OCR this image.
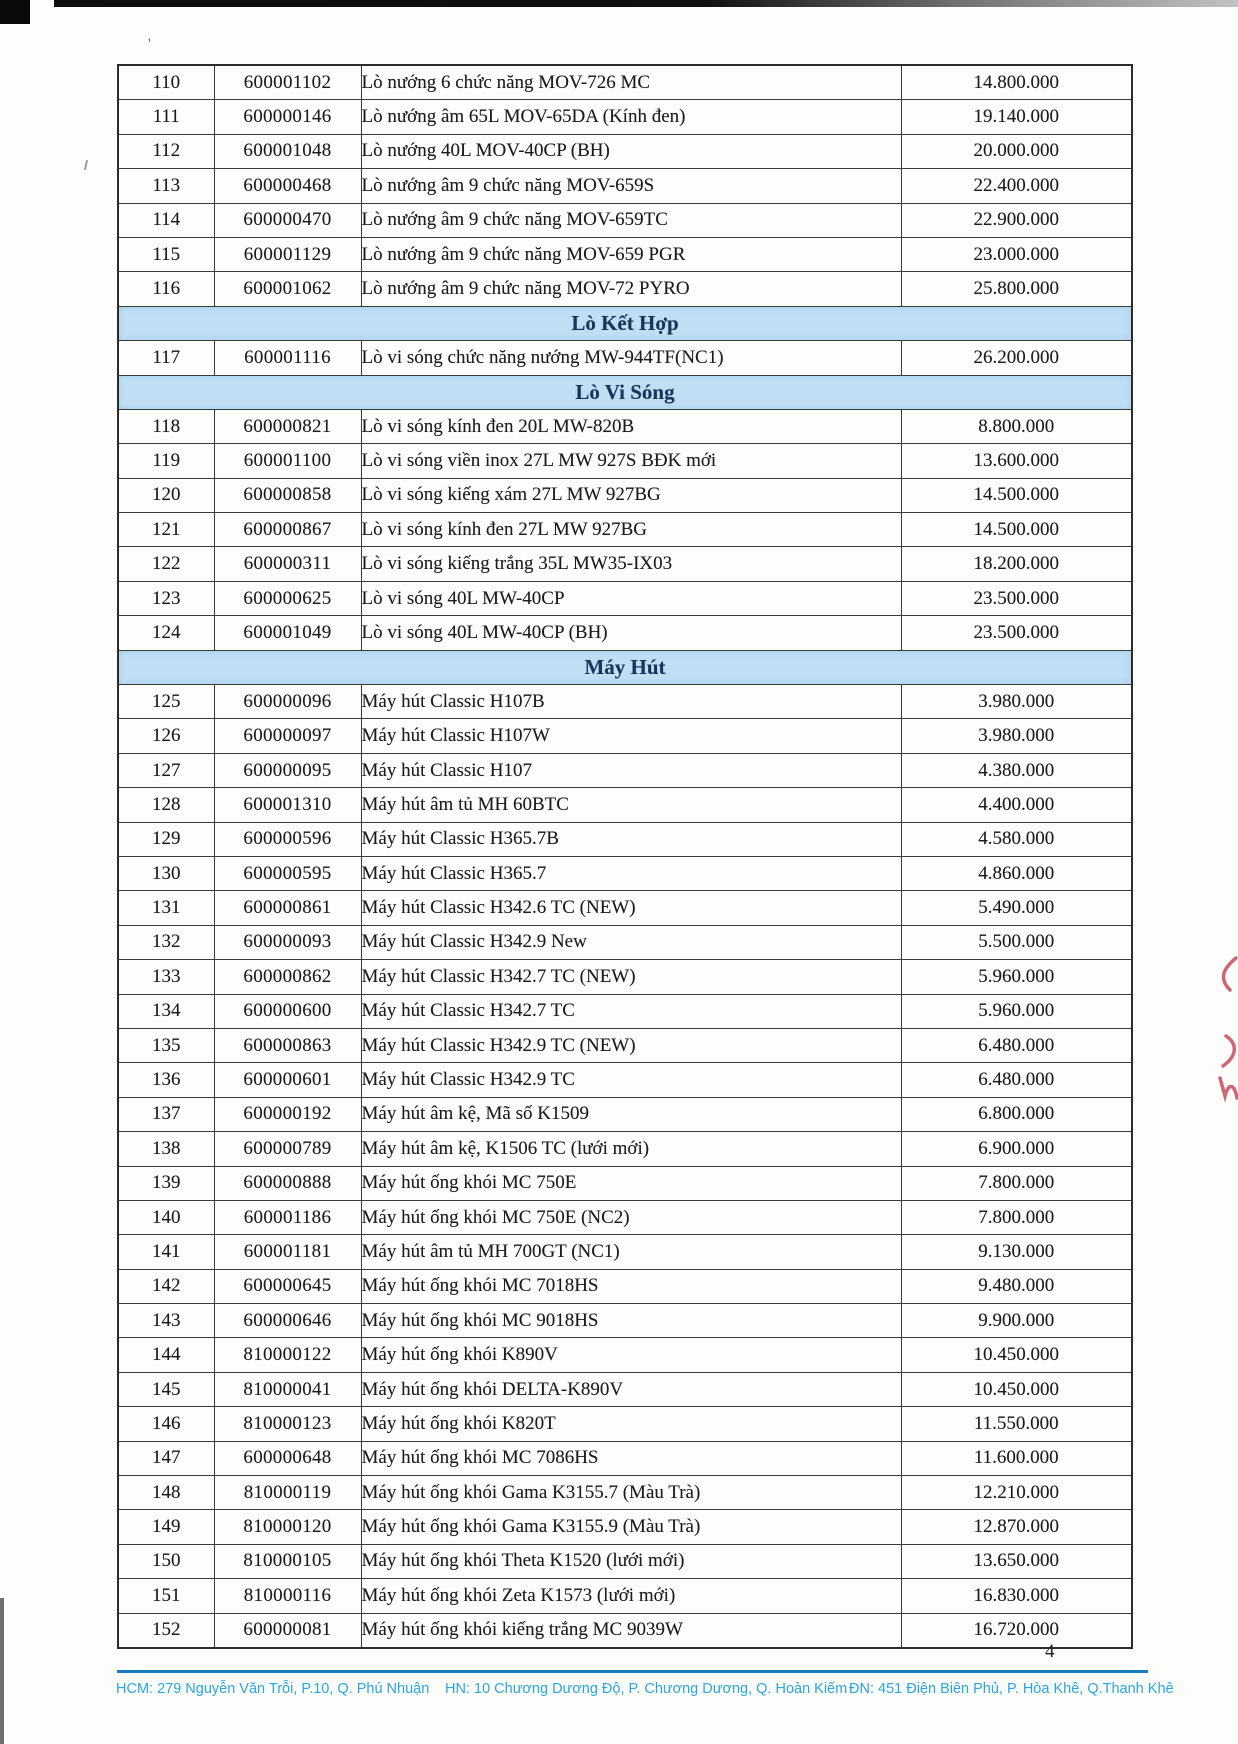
'
110	600001102	Lò nướng 6 chức năng MOV-726 MC	14.800.000
111	600000146	Lò nướng âm 65L MOV-65DA (Kính đen)	19.140.000
112	600001048	Lò nướng 40L MOV-40CP (BH)	20.000.000
113	600000468	Lò nướng âm 9 chức năng MOV-659S	22.400.000
114	600000470	Lò nướng âm 9 chức năng MOV-659TC	22.900.000
115	600001129	Lò nướng âm 9 chức năng MOV-659 PGR	23.000.000
116	600001062	Lò nướng âm 9 chức năng MOV-72 PYRO	25.800.000
Lò Kết Hợp			
117	600001116	Lò vi sóng chức năng nướng MW-944TF(NC1)	26.200.000
Lò Vi Sóng			
118	600000821	Lò vi sóng kính đen 20L MW-820B	8.800.000
119	600001100	Lò vi sóng viền inox 27L MW 927S BĐK mới	13.600.000
120	600000858	Lò vi sóng kiếng xám 27L MW 927BG	14.500.000
121	600000867	Lò vi sóng kính đen 27L MW 927BG	14.500.000
122	600000311	Lò vi sóng kiếng trắng 35L MW35-IX03	18.200.000
123	600000625	Lò vi sóng 40L MW-40CP	23.500.000
124	600001049	Lò vi sóng 40L MW-40CP (BH)	23.500.000
Máy Hút			
125	600000096	Máy hút Classic H107B	3.980.000
126	600000097	Máy hút Classic H107W	3.980.000
127	600000095	Máy hút Classic H107	4.380.000
128	600001310	Máy hút âm tủ MH 60BTC	4.400.000
129	600000596	Máy hút Classic H365.7B	4.580.000
130	600000595	Máy hút Classic H365.7	4.860.000
131	600000861	Máy hút Classic H342.6 TC (NEW)	5.490.000
132	600000093	Máy hút Classic H342.9 New	5.500.000
133	600000862	Máy hút Classic H342.7 TC (NEW)	5.960.000
134	600000600	Máy hút Classic H342.7 TC	5.960.000
135	600000863	Máy hút Classic H342.9 TC (NEW)	6.480.000
136	600000601	Máy hút Classic H342.9 TC	6.480.000
137	600000192	Máy hút âm kệ, Mã số K1509	6.800.000
138	600000789	Máy hút âm kệ, K1506 TC (lưới mới)	6.900.000
139	600000888	Máy hút ống khói MC 750E	7.800.000
140	600001186	Máy hút ống khói MC 750E (NC2)	7.800.000
141	600001181	Máy hút âm tủ MH 700GT (NC1)	9.130.000
142	600000645	Máy hút ống khói MC 7018HS	9.480.000
143	600000646	Máy hút ống khói MC 9018HS	9.900.000
144	810000122	Máy hút ống khói K890V	10.450.000
145	810000041	Máy hút ống khói DELTA-K890V	10.450.000
146	810000123	Máy hút ống khói K820T	11.550.000
147	600000648	Máy hút ống khói MC 7086HS	11.600.000
148	810000119	Máy hút ống khói Gama K3155.7 (Màu Trà)	12.210.000
149	810000120	Máy hút ống khói Gama K3155.9 (Màu Trà)	12.870.000
150	810000105	Máy hút ống khói Theta K1520 (lưới mới)	13.650.000
151	810000116	Máy hút ống khói Zeta K1573 (lưới mới)	16.830.000
152	600000081	Máy hút ống khói kiếng trắng MC 9039W	16.720.000
4
HCM: 279 Nguyễn Văn Trỗi, P.10, Q. Phú Nhuận HN: 10 Chương Dương Độ, P. Chương Dương, Q. Hoàn Kiếm ĐN: 451 Điện Biên Phủ, P. Hòa Khê, Q.Thanh Khê
